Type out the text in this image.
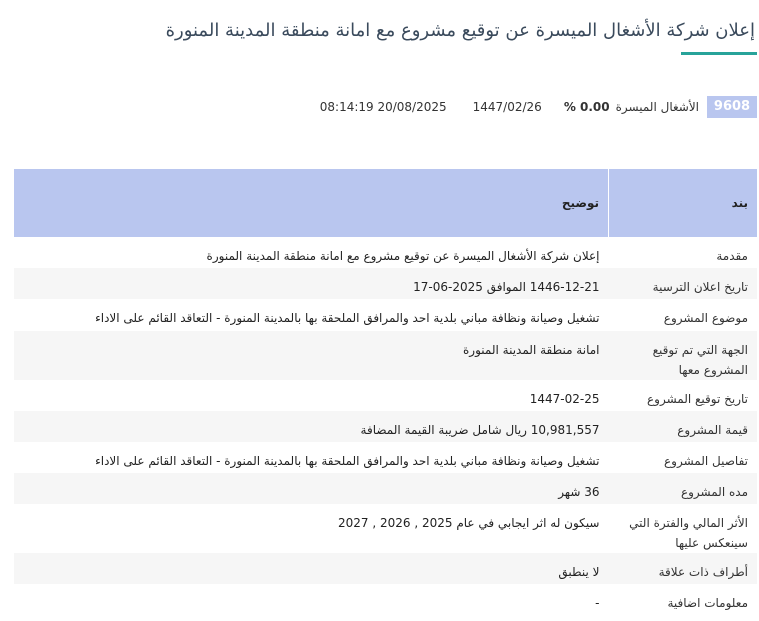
إعلان شركة الأشغال الميسرة عن توقيع مشروع مع امانة منطقة المدينة المنورة
9608
الأشغال الميسرة
% 0.00
1447/02/26
08:14:19 20/08/2025
بند	توضيح
مقدمة	إعلان شركة الأشغال الميسرة عن توقيع مشروع مع امانة منطقة المدينة المنورة
تاريخ اعلان الترسية	1446-12-21 الموافق 2025-06-17
موضوع المشروع	تشغيل وصيانة ونظافة مباني بلدية احد والمرافق الملحقة بها بالمدينة المنورة - التعاقد القائم على الاداء
الجهة التي تم توقيع المشروع معها	امانة منطقة المدينة المنورة
تاريخ توقيع المشروع	1447-02-25
قيمة المشروع	10,981,557 ريال شامل ضريبة القيمة المضافة
تفاصيل المشروع	تشغيل وصيانة ونظافة مباني بلدية احد والمرافق الملحقة بها بالمدينة المنورة - التعاقد القائم على الاداء
مده المشروع	36 شهر
الأثر المالي والفترة التي سينعكس عليها	سيكون له اثر ايجابي في عام 2025 , 2026 , 2027
أطراف ذات علاقة	لا ينطبق
معلومات اضافية	-
